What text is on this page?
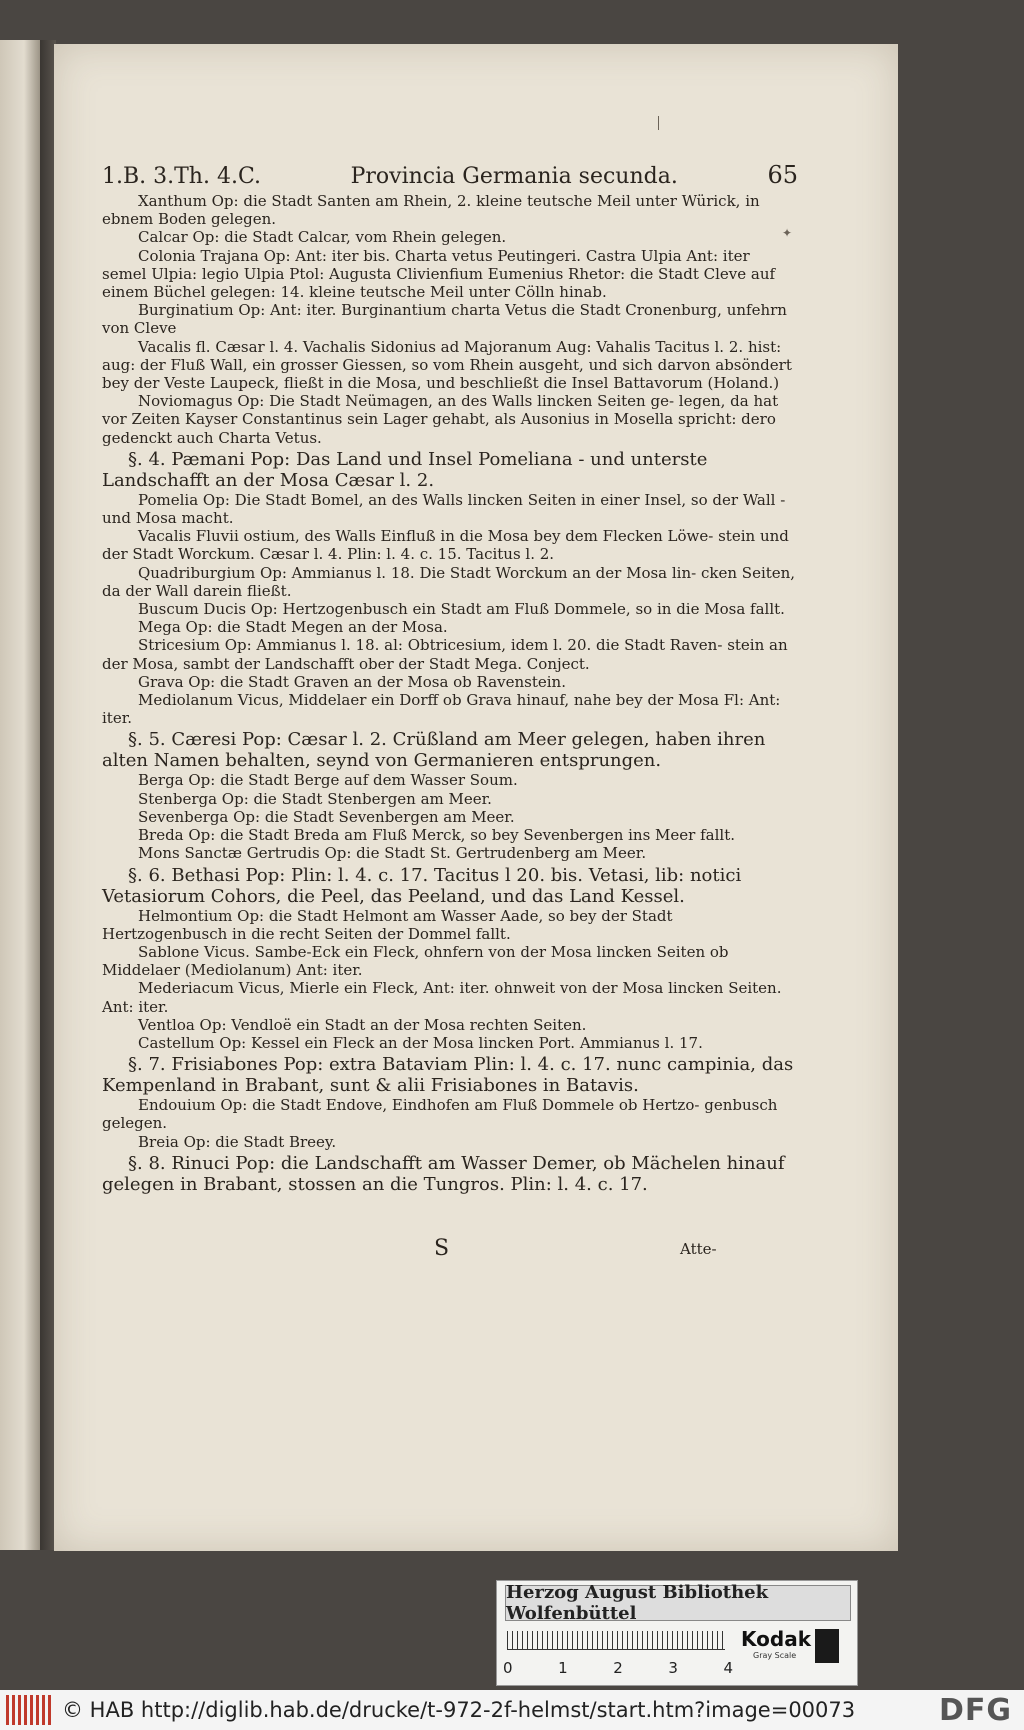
✦
1.B. 3.Th. 4.C.	Provincia Germania secunda.	65

Xanthum Op: die Stadt Santen am Rhein, 2. kleine teutsche Meil unter Würick, in ebnem Boden gelegen.

Calcar Op: die Stadt Calcar, vom Rhein gelegen.

Colonia Trajana Op: Ant: iter bis. Charta vetus Peutingeri. Castra Ulpia Ant: iter semel Ulpia: legio Ulpia Ptol: Augusta Clivienfium Eumenius Rhetor: die Stadt Cleve auf einem Büchel gelegen: 14. kleine teutsche Meil unter Cölln hinab.

Burginatium Op: Ant: iter. Burginantium charta Vetus die Stadt Cronenburg, unfehrn von Cleve

Vacalis fl. Cæsar l. 4. Vachalis Sidonius ad Majoranum Aug: Vahalis Tacitus l. 2. hist: aug: der Fluß Wall, ein grosser Giessen, so vom Rhein ausgeht, und sich darvon absöndert bey der Veste Laupeck, fließt in die Mosa, und beschließt die Insel Battavorum (Holand.)

Noviomagus Op: Die Stadt Neümagen, an des Walls lincken Seiten ge- legen, da hat vor Zeiten Kayser Constantinus sein Lager gehabt, als Ausonius in Mosella spricht: dero gedenckt auch Charta Vetus.

§. 4. Pæmani Pop: Das Land und Insel Pomeliana - und unterste Landschafft an der Mosa Cæsar l. 2.

Pomelia Op: Die Stadt Bomel, an des Walls lincken Seiten in einer Insel, so der Wall - und Mosa macht.

Vacalis Fluvii ostium, des Walls Einfluß in die Mosa bey dem Flecken Löwe- stein und der Stadt Worckum. Cæsar l. 4. Plin: l. 4. c. 15. Tacitus l. 2.

Quadriburgium Op: Ammianus l. 18. Die Stadt Worckum an der Mosa lin- cken Seiten, da der Wall darein fließt.

Buscum Ducis Op: Hertzogenbusch ein Stadt am Fluß Dommele, so in die Mosa fallt.

Mega Op: die Stadt Megen an der Mosa.

Stricesium Op: Ammianus l. 18. al: Obtricesium, idem l. 20. die Stadt Raven- stein an der Mosa, sambt der Landschafft ober der Stadt Mega. Conject.

Grava Op: die Stadt Graven an der Mosa ob Ravenstein.

Mediolanum Vicus, Middelaer ein Dorff ob Grava hinauf, nahe bey der Mosa Fl: Ant: iter.

§. 5. Cæresi Pop: Cæsar l. 2. Crüßland am Meer gelegen, haben ihren alten Namen behalten, seynd von Germanieren entsprungen.

Berga Op: die Stadt Berge auf dem Wasser Soum.

Stenberga Op: die Stadt Stenbergen am Meer.

Sevenberga Op: die Stadt Sevenbergen am Meer.

Breda Op: die Stadt Breda am Fluß Merck, so bey Sevenbergen ins Meer fallt.

Mons Sanctæ Gertrudis Op: die Stadt St. Gertrudenberg am Meer.

§. 6. Bethasi Pop: Plin: l. 4. c. 17. Tacitus l 20. bis. Vetasi, lib: notici Vetasiorum Cohors, die Peel, das Peeland, und das Land Kessel.

Helmontium Op: die Stadt Helmont am Wasser Aade, so bey der Stadt Hertzogenbusch in die recht Seiten der Dommel fallt.

Sablone Vicus. Sambe-Eck ein Fleck, ohnfern von der Mosa lincken Seiten ob Middelaer (Mediolanum) Ant: iter.

Mederiacum Vicus, Mierle ein Fleck, Ant: iter. ohnweit von der Mosa lincken Seiten. Ant: iter.

Ventloa Op: Vendloë ein Stadt an der Mosa rechten Seiten.

Castellum Op: Kessel ein Fleck an der Mosa lincken Port. Ammianus l. 17.

§. 7. Frisiabones Pop: extra Bataviam Plin: l. 4. c. 17. nunc campinia, das Kempenland in Brabant, sunt & alii Frisiabones in Batavis.

Endouium Op: die Stadt Endove, Eindhofen am Fluß Dommele ob Hertzo- genbusch gelegen.

Breia Op: die Stadt Breey.

§. 8. Rinuci Pop: die Landschafft am Wasser Demer, ob Mächelen hinauf gelegen in Brabant, stossen an die Tungros. Plin: l. 4. c. 17.

S	Atte-
Herzog August Bibliothek Wolfenbüttel
0	1	2	3	4
Kodak
Gray Scale
© HAB http://diglib.hab.de/drucke/t-972-2f-helmst/start.htm?image=00073	DFG
